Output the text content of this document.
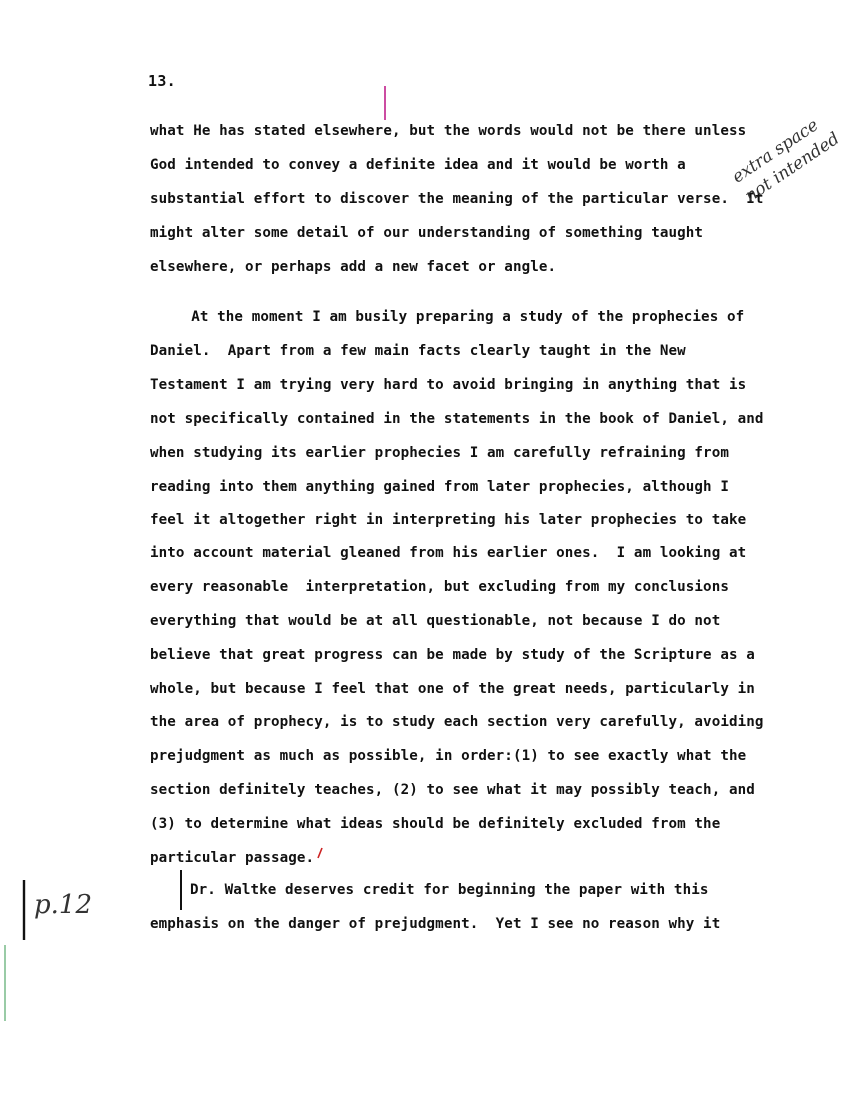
13.
what He has stated elsewhere, but the words would not be there unless
God intended to convey a definite idea and it would be worth a
substantial effort to discover the meaning of the particular verse.  It
might alter some detail of our understanding of something taught
elsewhere, or perhaps add a new facet or angle.
At the moment I am busily preparing a study of the prophecies of
Daniel.  Apart from a few main facts clearly taught in the New
Testament I am trying very hard to avoid bringing in anything that is
not specifically contained in the statements in the book of Daniel, and
when studying its earlier prophecies I am carefully refraining from
reading into them anything gained from later prophecies, although I
feel it altogether right in interpreting his later prophecies to take
into account material gleaned from his earlier ones.  I am looking at
every reasonable  interpretation, but excluding from my conclusions
everything that would be at all questionable, not because I do not
believe that great progress can be made by study of the Scripture as a
whole, but because I feel that one of the great needs, particularly in
the area of prophecy, is to study each section very carefully, avoiding
prejudgment as much as possible, in order:(1) to see exactly what the
section definitely teaches, (2) to see what it may possibly teach, and
(3) to determine what ideas should be definitely excluded from the
particular passage.
Dr. Waltke deserves credit for beginning the paper with this
emphasis on the danger of prejudgment.  Yet I see no reason why it
p.12
extra space not intended
